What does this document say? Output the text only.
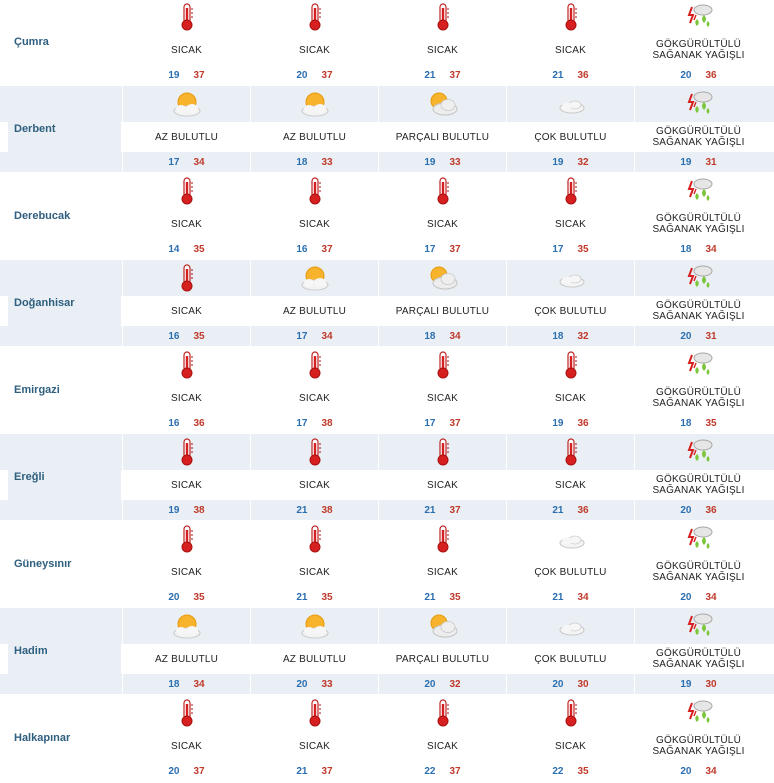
Çumra
SICAK
19 37
SICAK
20 37
SICAK
21 37
SICAK
21 36
GÖKGÜRÜLTÜLÜ
SAĞANAK YAĞIŞLI
20 36
Derbent
AZ BULUTLU
17 34
AZ BULUTLU
18 33
PARÇALI BULUTLU
19 33
ÇOK BULUTLU
19 32
GÖKGÜRÜLTÜLÜ
SAĞANAK YAĞIŞLI
19 31
Derebucak
SICAK
14 35
SICAK
16 37
SICAK
17 37
SICAK
17 35
GÖKGÜRÜLTÜLÜ
SAĞANAK YAĞIŞLI
18 34
Doğanhisar
SICAK
16 35
AZ BULUTLU
17 34
PARÇALI BULUTLU
18 34
ÇOK BULUTLU
18 32
GÖKGÜRÜLTÜLÜ
SAĞANAK YAĞIŞLI
20 31
Emirgazi
SICAK
16 36
SICAK
17 38
SICAK
17 37
SICAK
19 36
GÖKGÜRÜLTÜLÜ
SAĞANAK YAĞIŞLI
18 35
Ereğli
SICAK
19 38
SICAK
21 38
SICAK
21 37
SICAK
21 36
GÖKGÜRÜLTÜLÜ
SAĞANAK YAĞIŞLI
20 36
Güneysınır
SICAK
20 35
SICAK
21 35
SICAK
21 35
ÇOK BULUTLU
21 34
GÖKGÜRÜLTÜLÜ
SAĞANAK YAĞIŞLI
20 34
Hadim
AZ BULUTLU
18 34
AZ BULUTLU
20 33
PARÇALI BULUTLU
20 32
ÇOK BULUTLU
20 30
GÖKGÜRÜLTÜLÜ
SAĞANAK YAĞIŞLI
19 30
Halkapınar
SICAK
20 37
SICAK
21 37
SICAK
22 37
SICAK
22 35
GÖKGÜRÜLTÜLÜ
SAĞANAK YAĞIŞLI
20 34
